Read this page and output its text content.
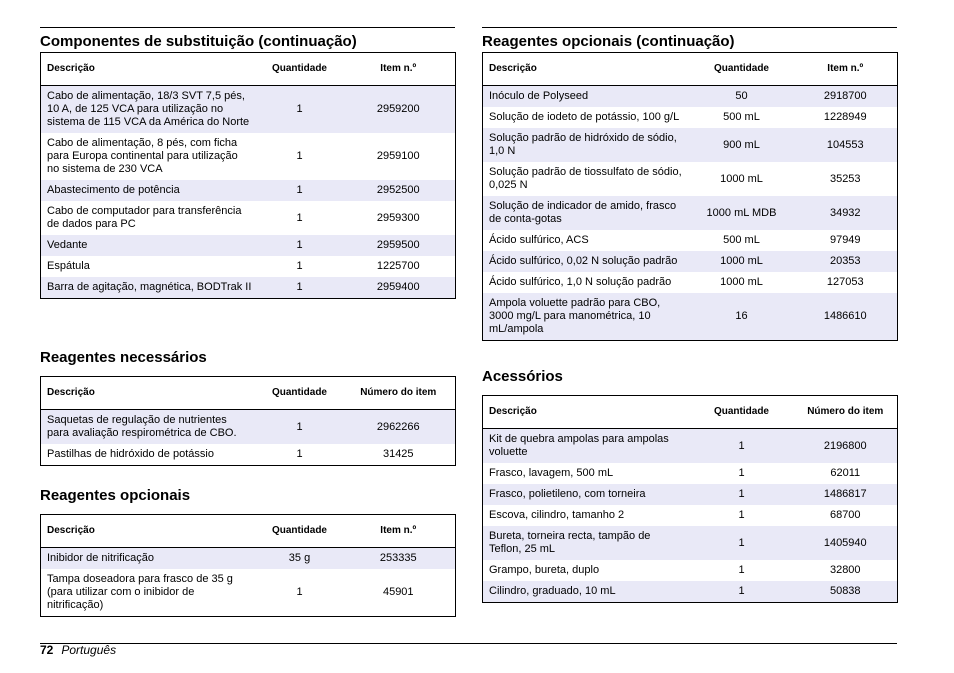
Componentes de substituição (continuação)
Descrição	Quantidade	Item n.º
Cabo de alimentação, 18/3 SVT 7,5 pés, 10 A, de 125 VCA para utilização no sistema de 115 VCA da América do Norte	1	2959200
Cabo de alimentação, 8 pés, com ficha para Europa continental para utilização no sistema de 230 VCA	1	2959100
Abastecimento de potência	1	2952500
Cabo de computador para transferência de dados para PC	1	2959300
Vedante	1	2959500
Espátula	1	1225700
Barra de agitação, magnética, BODTrak II	1	2959400
Reagentes necessários
Descrição	Quantidade	Número do item
Saquetas de regulação de nutrientes para avaliação respirométrica de CBO.	1	2962266
Pastilhas de hidróxido de potássio	1	31425
Reagentes opcionais
Descrição	Quantidade	Item n.º
Inibidor de nitrificação	35 g	253335
Tampa doseadora para frasco de 35 g (para utilizar com o inibidor de nitrificação)	1	45901
Reagentes opcionais (continuação)
Descrição	Quantidade	Item n.º
Inóculo de Polyseed	50	2918700
Solução de iodeto de potássio, 100 g/L	500 mL	1228949
Solução padrão de hidróxido de sódio, 1,0 N	900 mL	104553
Solução padrão de tiossulfato de sódio, 0,025 N	1000 mL	35253
Solução de indicador de amido, frasco de conta-gotas	1000 mL MDB	34932
Ácido sulfúrico, ACS	500 mL	97949
Ácido sulfúrico, 0,02 N solução padrão	1000 mL	20353
Ácido sulfúrico, 1,0 N solução padrão	1000 mL	127053
Ampola voluette padrão para CBO, 3000 mg/L para manométrica, 10 mL/ampola	16	1486610
Acessórios
Descrição	Quantidade	Número do item
Kit de quebra ampolas para ampolas voluette	1	2196800
Frasco, lavagem, 500 mL	1	62011
Frasco, polietileno, com torneira	1	1486817
Escova, cilindro, tamanho 2	1	68700
Bureta, torneira recta, tampão de Teflon, 25 mL	1	1405940
Grampo, bureta, duplo	1	32800
Cilindro, graduado, 10 mL	1	50838
72 Português
